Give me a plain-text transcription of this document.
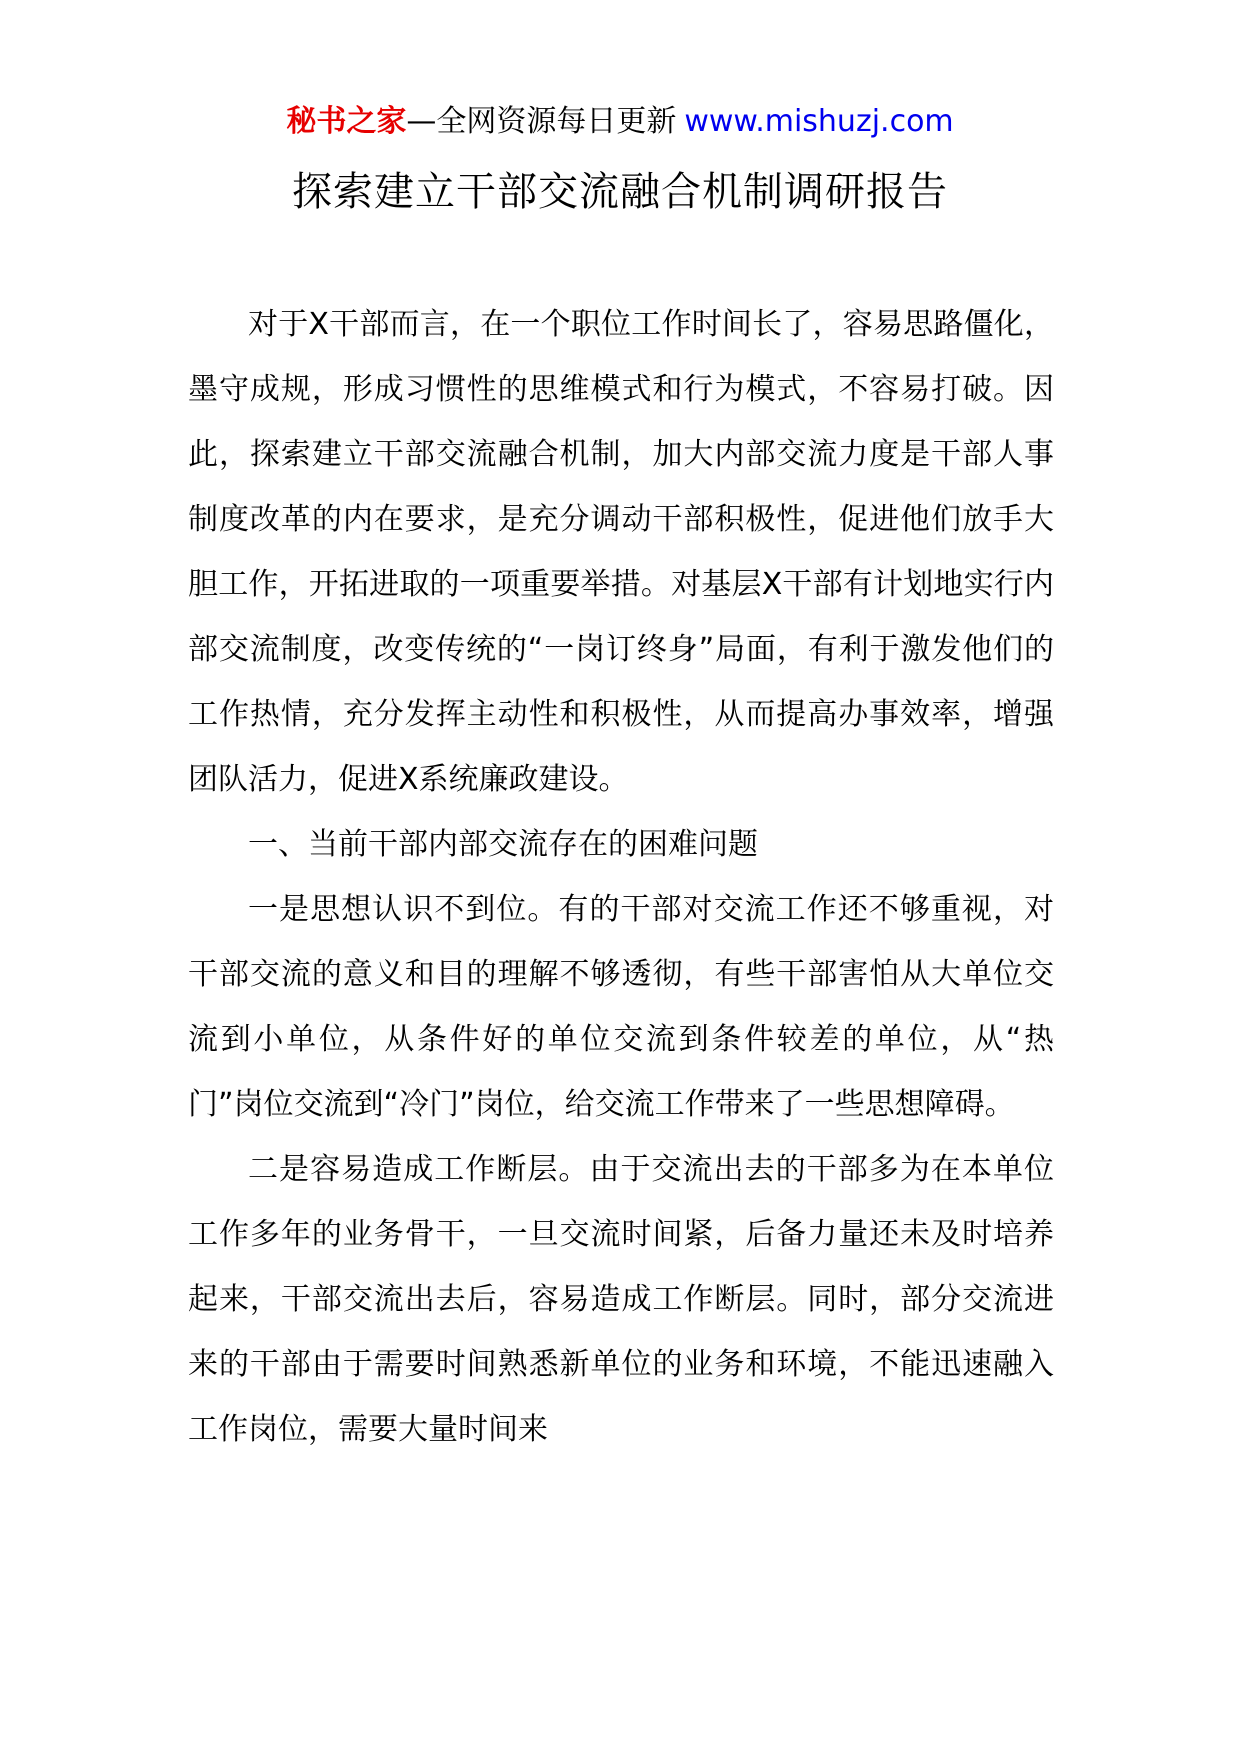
秘书之家—全网资源每日更新 www.mishuzj.com
探索建立干部交流融合机制调研报告

对于X干部而言，在一个职位工作时间长了，容易思路僵化，墨守成规，形成习惯性的思维模式和行为模式，不容易打破。因此，探索建立干部交流融合机制，加大内部交流力度是干部人事制度改革的内在要求，是充分调动干部积极性，促进他们放手大胆工作，开拓进取的一项重要举措。对基层X干部有计划地实行内部交流制度，改变传统的“一岗订终身”局面，有利于激发他们的工作热情，充分发挥主动性和积极性，从而提高办事效率，增强团队活力，促进X系统廉政建设。

一、当前干部内部交流存在的困难问题

一是思想认识不到位。有的干部对交流工作还不够重视，对干部交流的意义和目的理解不够透彻，有些干部害怕从大单位交流到小单位，从条件好的单位交流到条件较差的单位，从“热门”岗位交流到“冷门”岗位，给交流工作带来了一些思想障碍。

二是容易造成工作断层。由于交流出去的干部多为在本单位工作多年的业务骨干，一旦交流时间紧，后备力量还未及时培养起来，干部交流出去后，容易造成工作断层。同时，部分交流进来的干部由于需要时间熟悉新单位的业务和环境，不能迅速融入工作岗位，需要大量时间来
